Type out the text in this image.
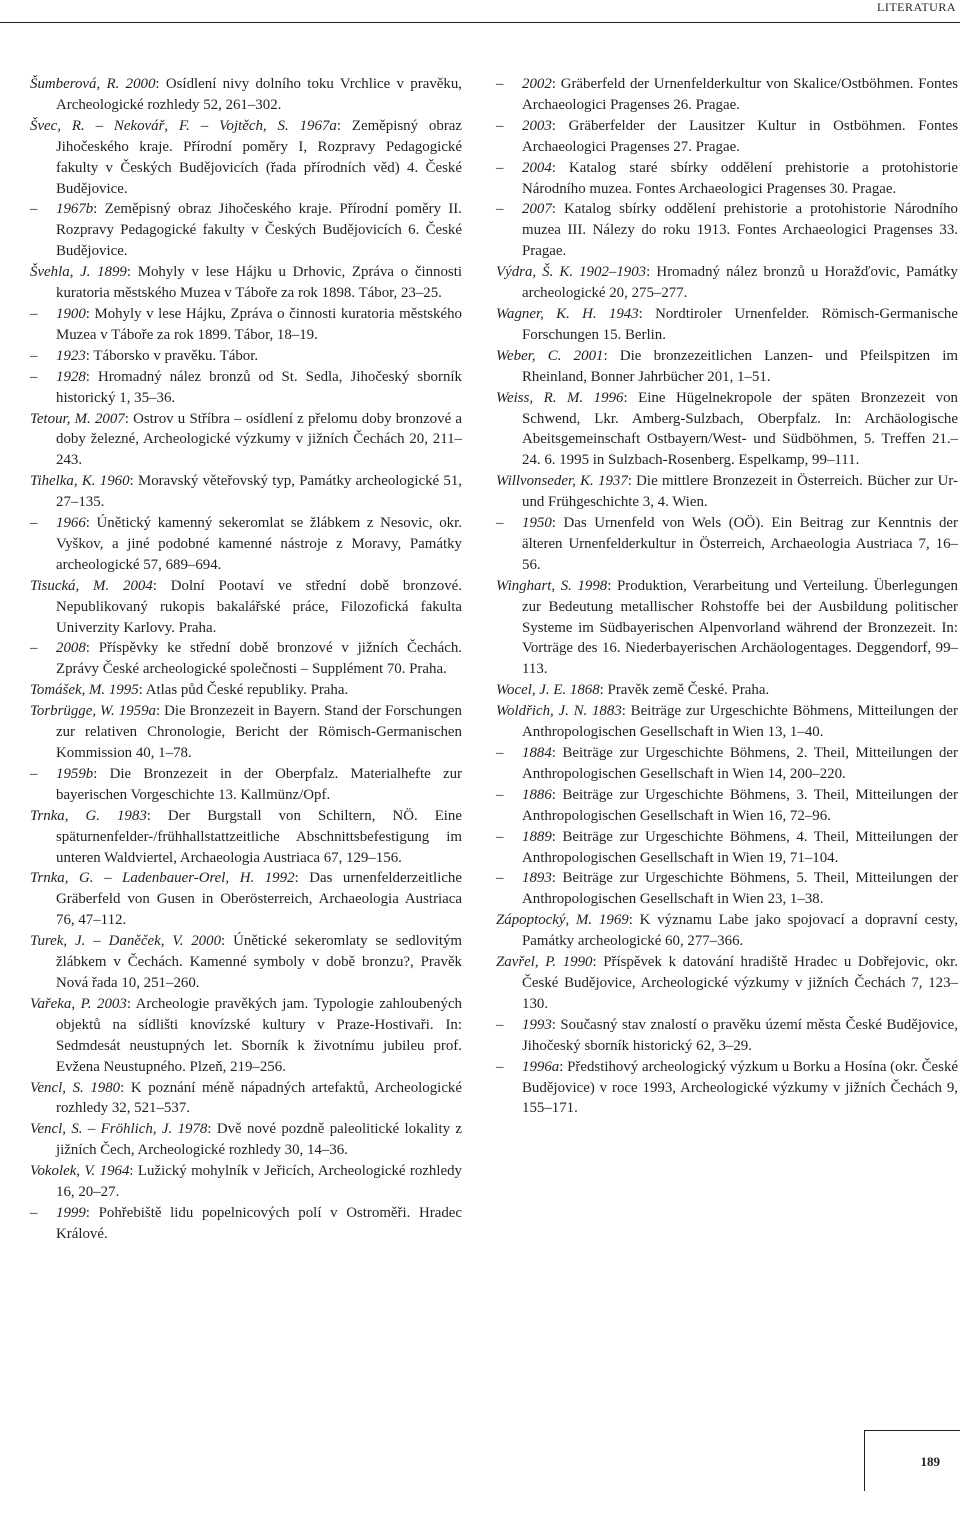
LITERATURA

Šumberová, R. 2000: Osídlení nivy dolního toku Vrchlice v pravěku, Archeologické rozhledy 52, 261–302.

Švec, R. – Nekovář, F. – Vojtěch, S. 1967a: Zeměpisný obraz Jihočeského kraje. Přírodní poměry I, Rozpravy Pedagogické fakulty v Českých Budějovicích (řada přírodních věd) 4. České Budějovice.

– 1967b: Zeměpisný obraz Jihočeského kraje. Přírodní poměry II. Rozpravy Pedagogické fakulty v Českých Budějovicích 6. České Budějovice.

Švehla, J. 1899: Mohyly v lese Hájku u Drhovic, Zpráva o činnosti kuratoria městského Muzea v Táboře za rok 1898. Tábor, 23–25.

– 1900: Mohyly v lese Hájku, Zpráva o činnosti kuratoria městského Muzea v Táboře za rok 1899. Tábor, 18–19.

– 1923: Táborsko v pravěku. Tábor.

– 1928: Hromadný nález bronzů od St. Sedla, Jihočeský sborník historický 1, 35–36.

Tetour, M. 2007: Ostrov u Stříbra – osídlení z přelomu doby bronzové a doby železné, Archeologické výzkumy v jižních Čechách 20, 211–243.

Tihelka, K. 1960: Moravský věteřovský typ, Památky archeologické 51, 27–135.

– 1966: Únětický kamenný sekeromlat se žlábkem z Nesovic, okr. Vyškov, a jiné podobné kamenné nástroje z Moravy, Památky archeologické 57, 689–694.

Tisucká, M. 2004: Dolní Pootaví ve střední době bronzové. Nepublikovaný rukopis bakalářské práce, Filozofická fakulta Univerzity Karlovy. Praha.

– 2008: Příspěvky ke střední době bronzové v jižních Čechách. Zprávy České archeologické společnosti – Supplément 70. Praha.

Tomášek, M. 1995: Atlas půd České republiky. Praha.

Torbrügge, W. 1959a: Die Bronzezeit in Bayern. Stand der Forschungen zur relativen Chronologie, Bericht der Römisch-Germanischen Kommission 40, 1–78.

– 1959b: Die Bronzezeit in der Oberpfalz. Materialhefte zur bayerischen Vorgeschichte 13. Kallmünz/Opf.

Trnka, G. 1983: Der Burgstall von Schiltern, NÖ. Eine späturnenfelder-/frühhallstattzeitliche Abschnittsbefestigung im unteren Waldviertel, Archaeologia Austriaca 67, 129–156.

Trnka, G. – Ladenbauer-Orel, H. 1992: Das urnenfelderzeitliche Gräberfeld von Gusen in Oberösterreich, Archaeologia Austriaca 76, 47–112.

Turek, J. – Daněček, V. 2000: Únětické sekeromlaty se sedlovitým žlábkem v Čechách. Kamenné symboly v době bronzu?, Pravěk Nová řada 10, 251–260.

Vařeka, P. 2003: Archeologie pravěkých jam. Typologie zahloubených objektů na sídlišti knovízské kultury v Praze-Hostivaři. In: Sedmdesát neustupných let. Sborník k životnímu jubileu prof. Evžena Neustupného. Plzeň, 219–256.

Vencl, S. 1980: K poznání méně nápadných artefaktů, Archeologické rozhledy 32, 521–537.

Vencl, S. – Fröhlich, J. 1978: Dvě nové pozdně paleolitické lokality z jižních Čech, Archeologické rozhledy 30, 14–36.

Vokolek, V. 1964: Lužický mohylník v Jeřicích, Archeologické rozhledy 16, 20–27.

– 1999: Pohřebiště lidu popelnicových polí v Ostroměři. Hradec Králové.

– 2002: Gräberfeld der Urnenfelderkultur von Skalice/Ostböhmen. Fontes Archaeologici Pragenses 26. Pragae.

– 2003: Gräberfelder der Lausitzer Kultur in Ostböhmen. Fontes Archaeologici Pragenses 27. Pragae.

– 2004: Katalog staré sbírky oddělení prehistorie a protohistorie Národního muzea. Fontes Archaeologici Pragenses 30. Pragae.

– 2007: Katalog sbírky oddělení prehistorie a protohistorie Národního muzea III. Nálezy do roku 1913. Fontes Archaeologici Pragenses 33. Pragae.

Výdra, Š. K. 1902–1903: Hromadný nález bronzů u Horažďovic, Památky archeologické 20, 275–277.

Wagner, K. H. 1943: Nordtiroler Urnenfelder. Römisch-Germanische Forschungen 15. Berlin.

Weber, C. 2001: Die bronzezeitlichen Lanzen- und Pfeilspitzen im Rheinland, Bonner Jahrbücher 201, 1–51.

Weiss, R. M. 1996: Eine Hügelnekropole der späten Bronzezeit von Schwend, Lkr. Amberg-Sulzbach, Oberpfalz. In: Archäologische Abeitsgemeinschaft Ostbayern/West- und Südböhmen, 5. Treffen 21.–24. 6. 1995 in Sulzbach-Rosenberg. Espelkamp, 99–111.

Willvonseder, K. 1937: Die mittlere Bronzezeit in Österreich. Bücher zur Ur- und Frühgeschichte 3, 4. Wien.

– 1950: Das Urnenfeld von Wels (OÖ). Ein Beitrag zur Kenntnis der älteren Urnenfelderkultur in Österreich, Archaeologia Austriaca 7, 16–56.

Winghart, S. 1998: Produktion, Verarbeitung und Verteilung. Überlegungen zur Bedeutung metallischer Rohstoffe bei der Ausbildung politischer Systeme im Südbayerischen Alpenvorland während der Bronzezeit. In: Vorträge des 16. Niederbayerischen Archäologentages. Deggendorf, 99–113.

Wocel, J. E. 1868: Pravěk země České. Praha.

Woldřich, J. N. 1883: Beiträge zur Urgeschichte Böhmens, Mitteilungen der Anthropologischen Gesellschaft in Wien 13, 1–40.

– 1884: Beiträge zur Urgeschichte Böhmens, 2. Theil, Mitteilungen der Anthropologischen Gesellschaft in Wien 14, 200–220.

– 1886: Beiträge zur Urgeschichte Böhmens, 3. Theil, Mitteilungen der Anthropologischen Gesellschaft in Wien 16, 72–96.

– 1889: Beiträge zur Urgeschichte Böhmens, 4. Theil, Mitteilungen der Anthropologischen Gesellschaft in Wien 19, 71–104.

– 1893: Beiträge zur Urgeschichte Böhmens, 5. Theil, Mitteilungen der Anthropologischen Gesellschaft in Wien 23, 1–38.

Zápoptocký, M. 1969: K významu Labe jako spojovací a dopravní cesty, Památky archeologické 60, 277–366.

Zavřel, P. 1990: Příspěvek k datování hradiště Hradec u Dobřejovic, okr. České Budějovice, Archeologické výzkumy v jižních Čechách 7, 123–130.

– 1993: Současný stav znalostí o pravěku území města České Budějovice, Jihočeský sborník historický 62, 3–29.

– 1996a: Předstihový archeologický výzkum u Borku a Hosína (okr. České Budějovice) v roce 1993, Archeologické výzkumy v jižních Čechách 9, 155–171.

189
